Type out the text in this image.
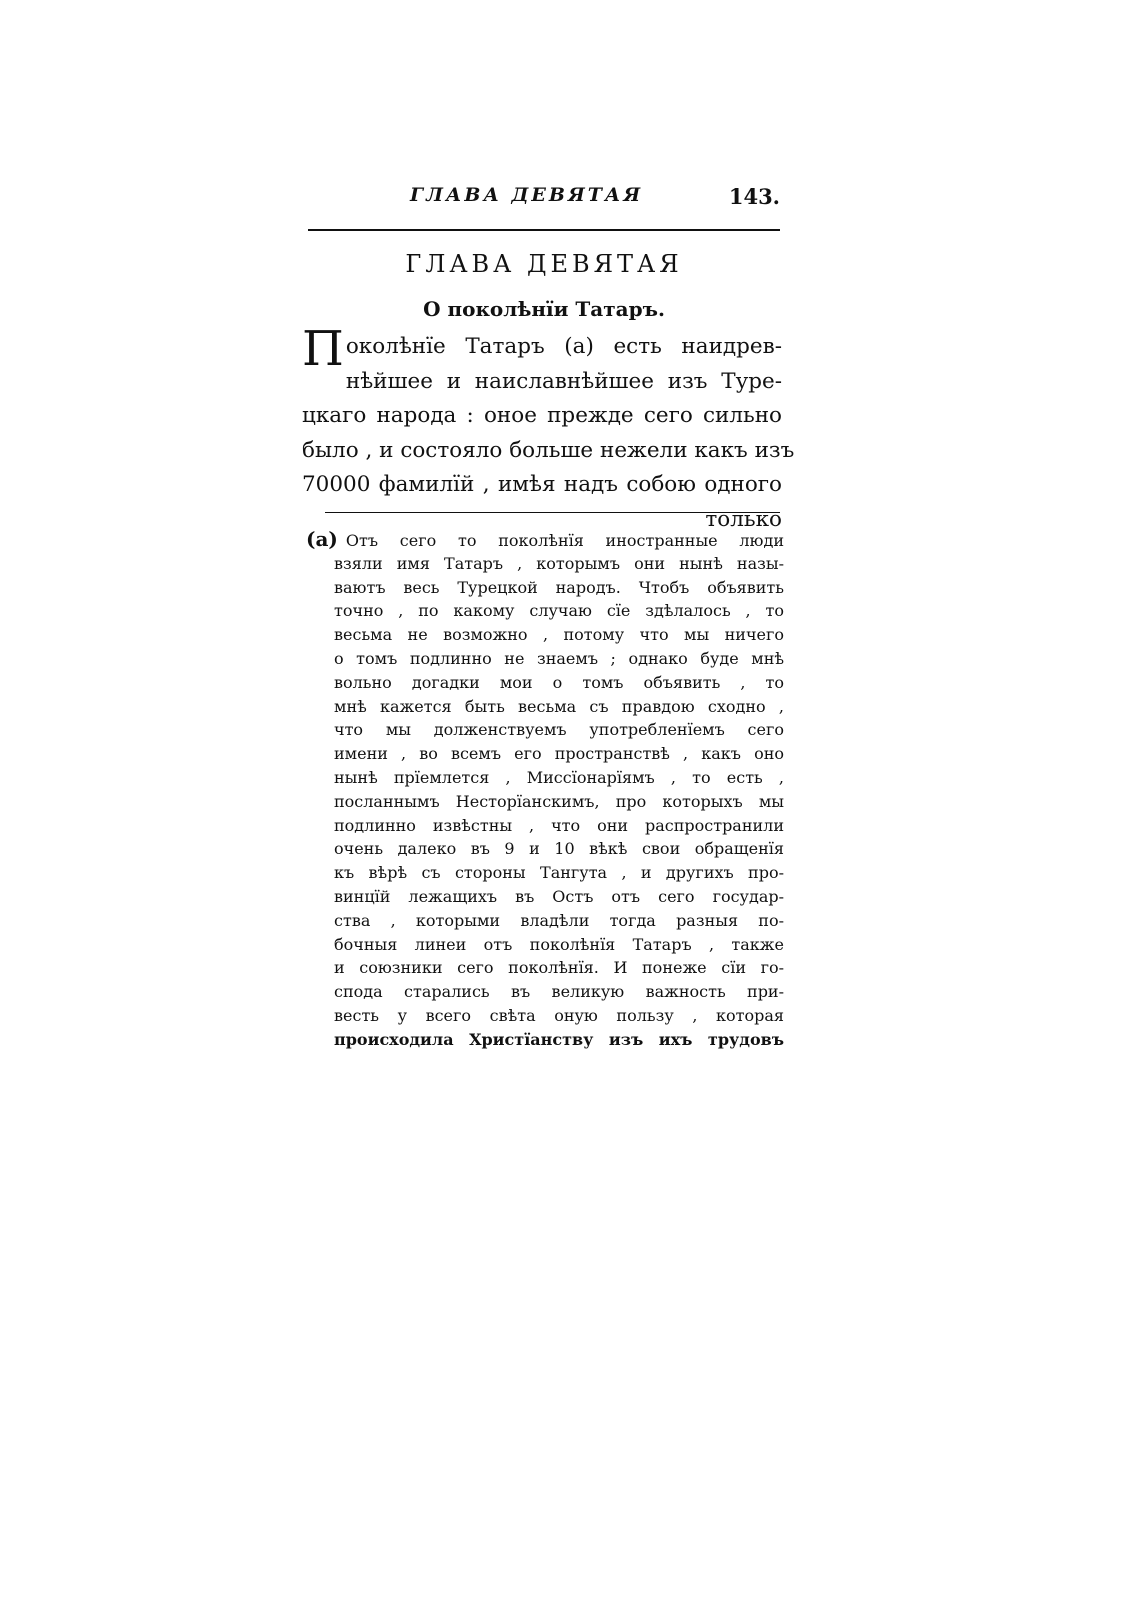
ГЛАВА ДЕВЯТАЯ	143.
ГЛАВА ДЕВЯТАЯ
О поколѣнїи Татаръ.
Поколѣнїе Татаръ (а) есть наидрев-
нѣйшее и наиславнѣйшее изъ Туре-
цкаго народа : оное прежде сего сильно
было , и состояло больше нежели какъ изъ
70000 фамилїй , имѣя надъ собою одного
только
(а) Отъ сего то поколѣнїя иностранные люди
взяли имя Татаръ , которымъ они нынѣ назы-
ваютъ весь Турецкой народъ. Чтобъ объявить
точно , по какому случаю сїе здѣлалось , то
весьма не возможно , потому что мы ничего
о томъ подлинно не знаемъ ; однако буде мнѣ
вольно догадки мои о томъ объявить , то
мнѣ кажется быть весьма съ правдою сходно ,
что мы долженствуемъ употребленїемъ сего
имени , во всемъ его пространствѣ , какъ оно
нынѣ прїемлется , Миссїонарїямъ , то есть ,
посланнымъ Несторїанскимъ, про которыхъ мы
подлинно извѣстны , что они распространили
очень далеко въ 9 и 10 вѣкѣ свои обращенїя
къ вѣрѣ съ стороны Тангута , и другихъ про-
винцїй лежащихъ въ Остъ отъ сего государ-
ства , которыми владѣли тогда разныя по-
бочныя линеи отъ поколѣнїя Татаръ , также
и союзники сего поколѣнїя. И понеже сїи го-
спода старались въ великую важность при-
весть у всего свѣта оную пользу , которая
происходила Христїанству изъ ихъ трудовъ
